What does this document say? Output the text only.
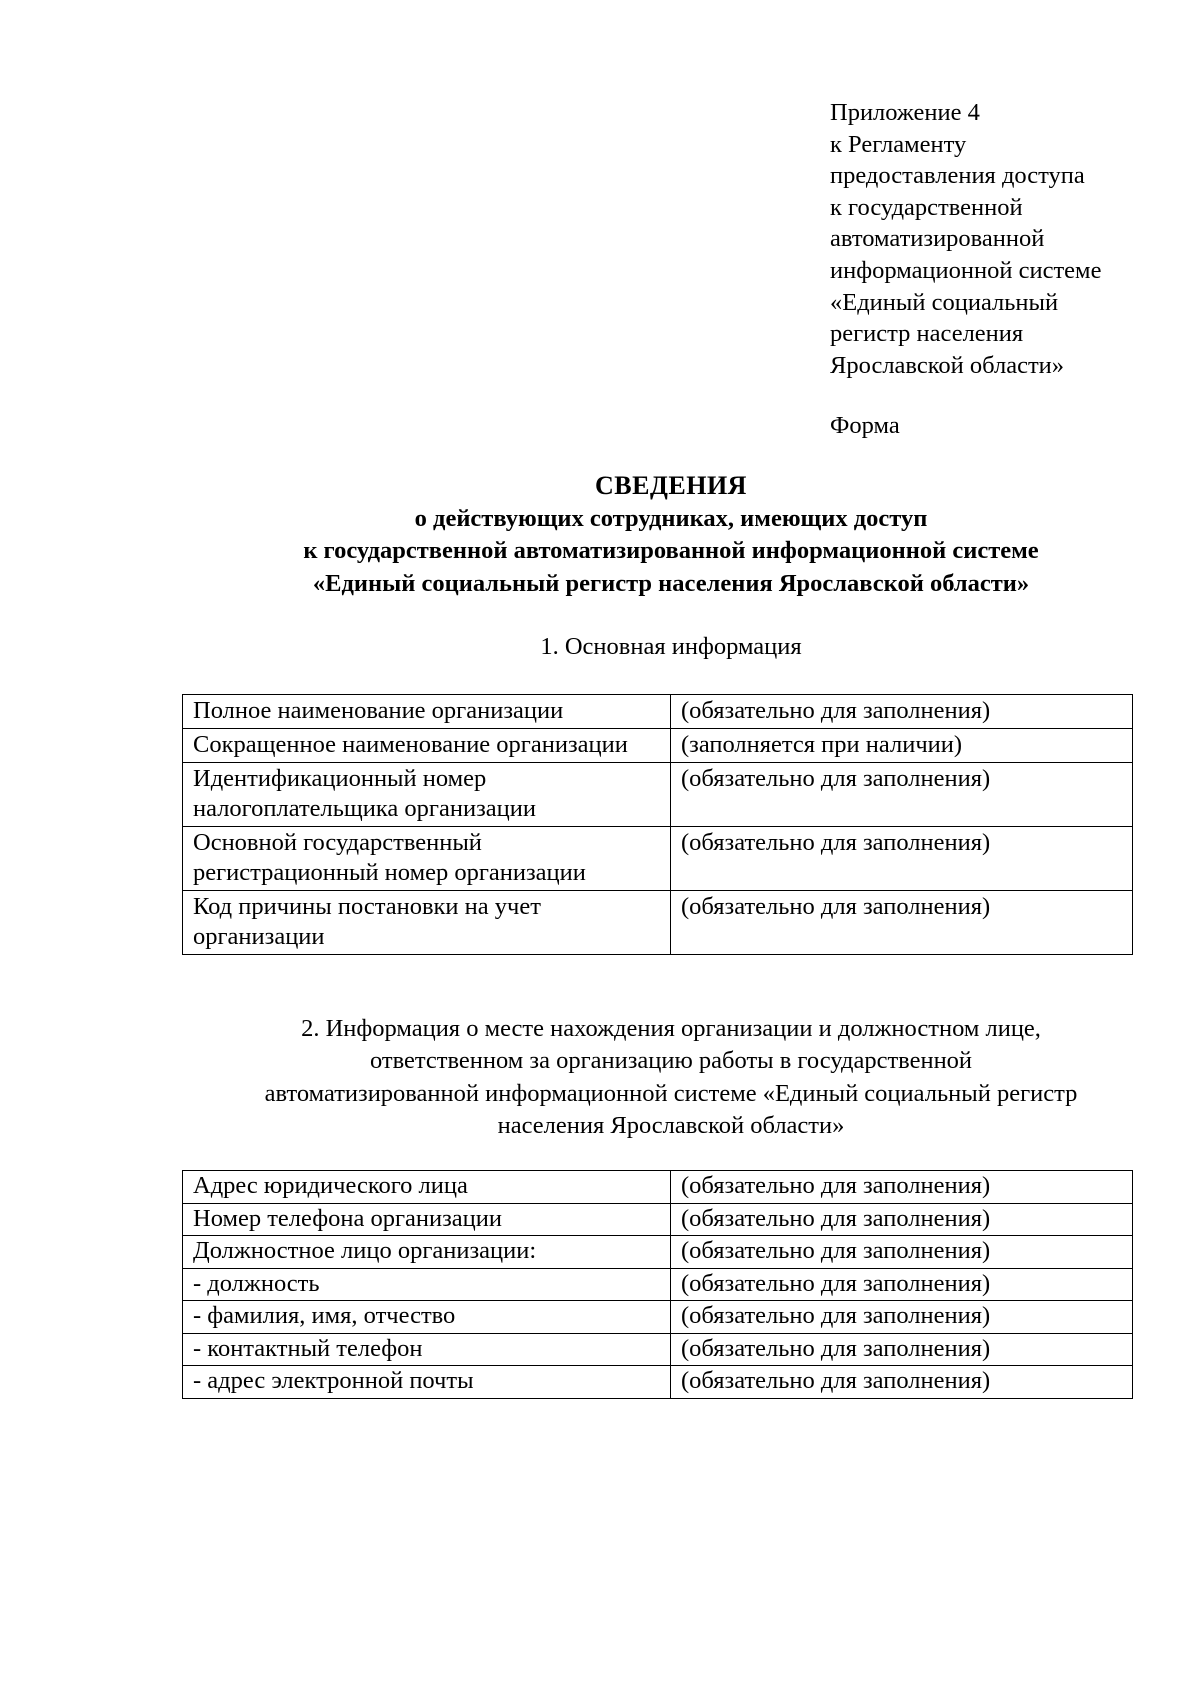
Приложение 4
к Регламенту
предоставления доступа
к государственной
автоматизированной
информационной системе
«Единый социальный
регистр населения
Ярославской области»
Форма
СВЕДЕНИЯ
о действующих сотрудниках, имеющих доступ
к государственной автоматизированной информационной системе
«Единый социальный регистр населения Ярославской области»
1. Основная информация
Полное наименование организации	(обязательно для заполнения)
Сокращенное наименование организации	(заполняется при наличии)
Идентификационный номер налогоплательщика организации	(обязательно для заполнения)
Основной государственный регистрационный номер организации	(обязательно для заполнения)
Код причины постановки на учет организации	(обязательно для заполнения)
2. Информация о месте нахождения организации и должностном лице,
ответственном за организацию работы в государственной
автоматизированной информационной системе «Единый социальный регистр
населения Ярославской области»
Адрес юридического лица	(обязательно для заполнения)
Номер телефона организации	(обязательно для заполнения)
Должностное лицо организации:	(обязательно для заполнения)
- должность	(обязательно для заполнения)
- фамилия, имя, отчество	(обязательно для заполнения)
- контактный телефон	(обязательно для заполнения)
- адрес электронной почты	(обязательно для заполнения)
